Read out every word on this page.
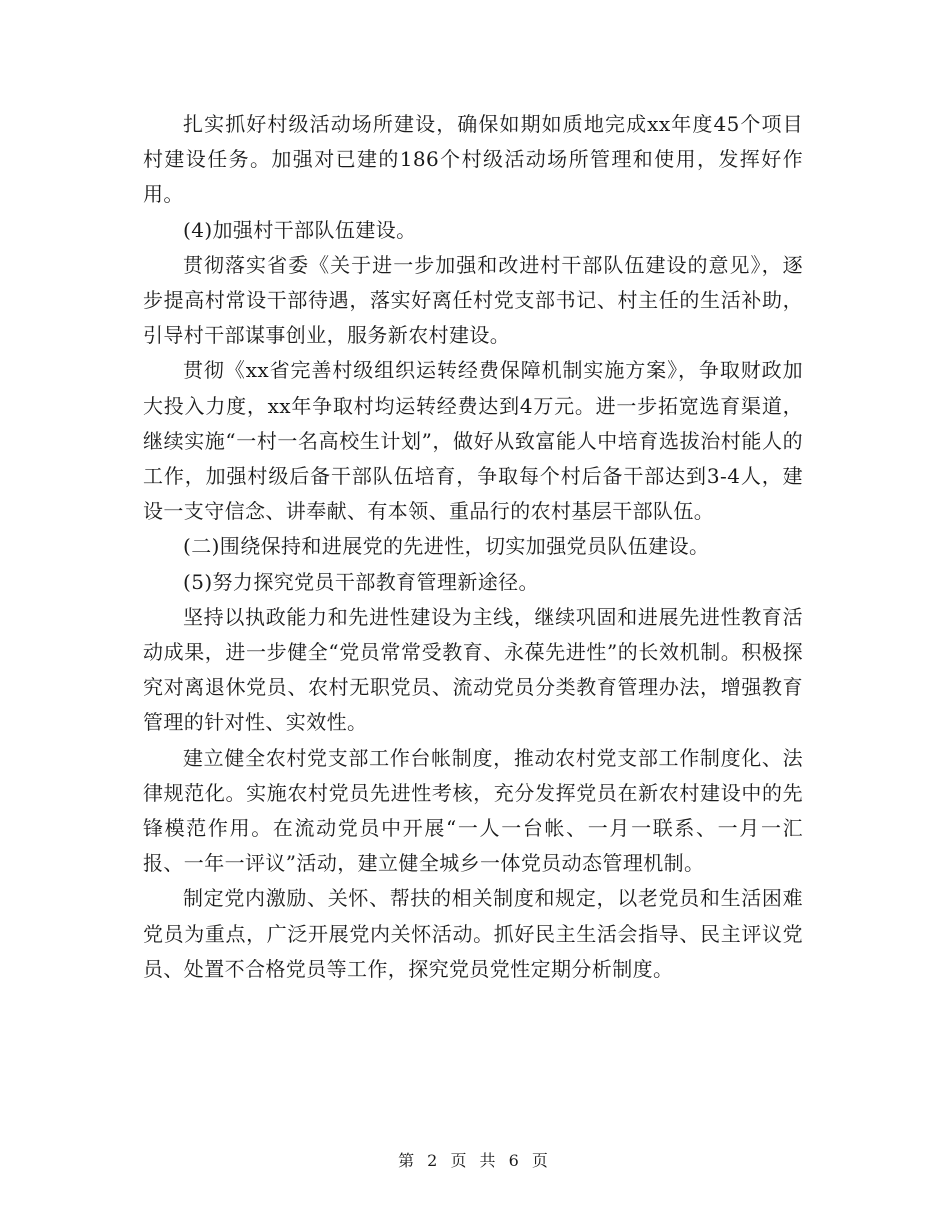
扎实抓好村级活动场所建设，确保如期如质地完成xx年度45个项目村建设任务。加强对已建的186个村级活动场所管理和使用，发挥好作用。

(4)加强村干部队伍建设。

贯彻落实省委《关于进一步加强和改进村干部队伍建设的意见》，逐步提高村常设干部待遇，落实好离任村党支部书记、村主任的生活补助，引导村干部谋事创业，服务新农村建设。

贯彻《xx省完善村级组织运转经费保障机制实施方案》，争取财政加大投入力度，xx年争取村均运转经费达到4万元。进一步拓宽选育渠道，继续实施“一村一名高校生计划”，做好从致富能人中培育选拔治村能人的工作，加强村级后备干部队伍培育，争取每个村后备干部达到3-4人，建设一支守信念、讲奉献、有本领、重品行的农村基层干部队伍。

(二)围绕保持和进展党的先进性，切实加强党员队伍建设。

(5)努力探究党员干部教育管理新途径。

坚持以执政能力和先进性建设为主线，继续巩固和进展先进性教育活动成果，进一步健全“党员常常受教育、永葆先进性”的长效机制。积极探究对离退休党员、农村无职党员、流动党员分类教育管理办法，增强教育管理的针对性、实效性。

建立健全农村党支部工作台帐制度，推动农村党支部工作制度化、法律规范化。实施农村党员先进性考核，充分发挥党员在新农村建设中的先锋模范作用。在流动党员中开展“一人一台帐、一月一联系、一月一汇报、一年一评议”活动，建立健全城乡一体党员动态管理机制。

制定党内激励、关怀、帮扶的相关制度和规定，以老党员和生活困难党员为重点，广泛开展党内关怀活动。抓好民主生活会指导、民主评议党员、处置不合格党员等工作，探究党员党性定期分析制度。

第 2 页 共 6 页
